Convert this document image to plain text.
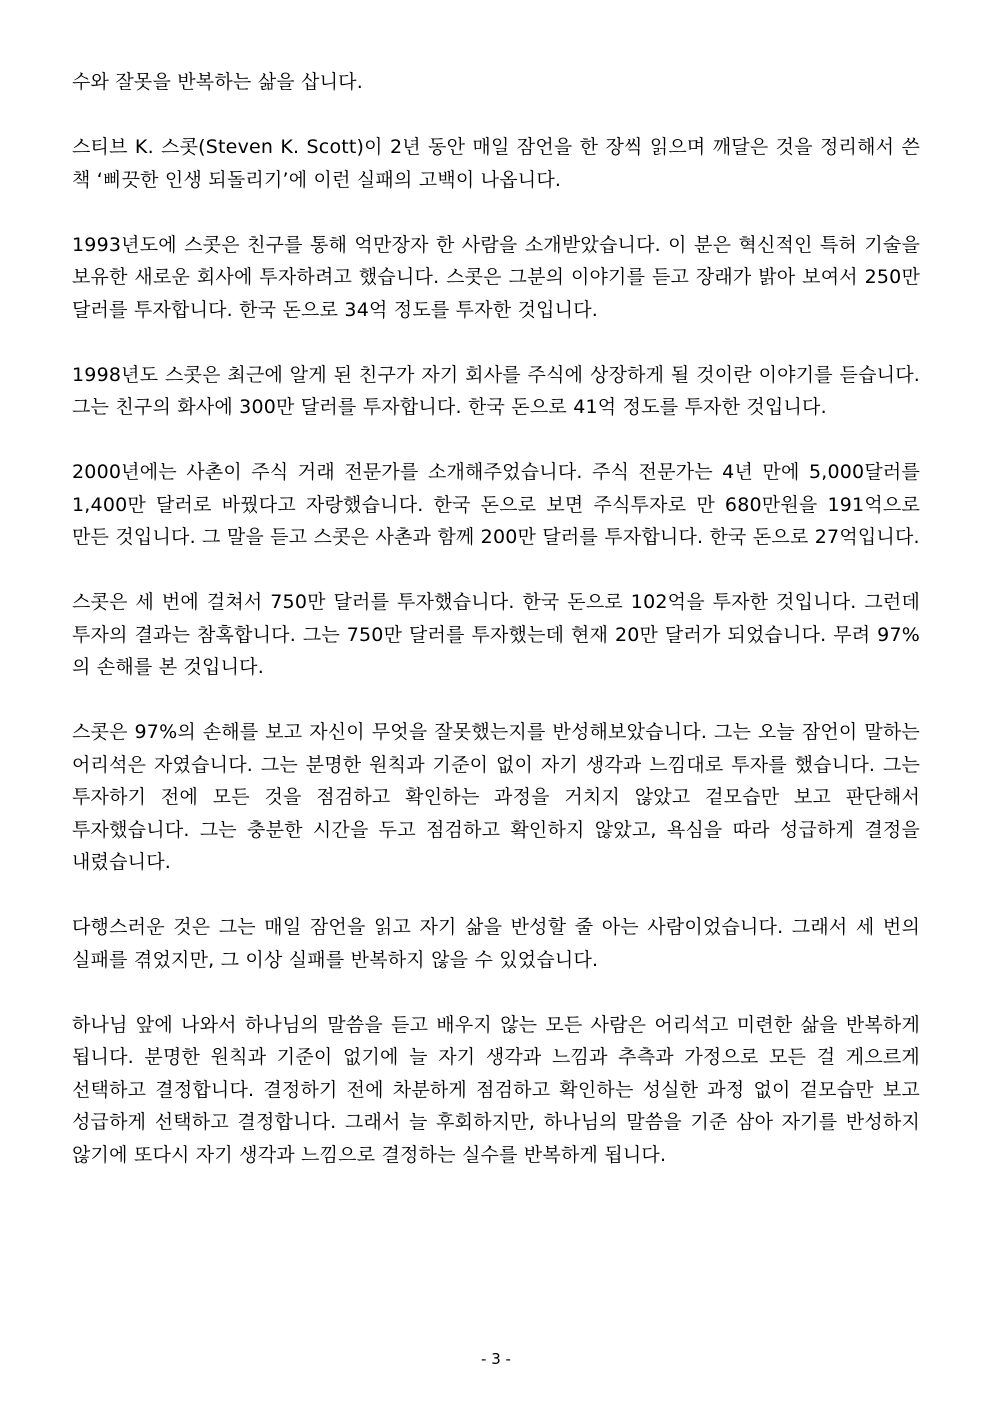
수와 잘못을 반복하는 삶을 삽니다.

스티브 K. 스콧(Steven K. Scott)이 2년 동안 매일 잠언을 한 장씩 읽으며 깨달은 것을 정리해서 쓴 책 ‘삐끗한 인생 되돌리기’에 이런 실패의 고백이 나옵니다.

1993년도에 스콧은 친구를 통해 억만장자 한 사람을 소개받았습니다. 이 분은 혁신적인 특허 기술을 보유한 새로운 회사에 투자하려고 했습니다. 스콧은 그분의 이야기를 듣고 장래가 밝아 보여서 250만 달러를 투자합니다. 한국 돈으로 34억 정도를 투자한 것입니다.

1998년도 스콧은 최근에 알게 된 친구가 자기 회사를 주식에 상장하게 될 것이란 이야기를 듣습니다. 그는 친구의 화사에 300만 달러를 투자합니다. 한국 돈으로 41억 정도를 투자한 것입니다.

2000년에는 사촌이 주식 거래 전문가를 소개해주었습니다. 주식 전문가는 4년 만에 5,000달러를 1,400만 달러로 바꿨다고 자랑했습니다. 한국 돈으로 보면 주식투자로 만 680만원을 191억으로 만든 것입니다. 그 말을 듣고 스콧은 사촌과 함께 200만 달러를 투자합니다. 한국 돈으로 27억입니다.

스콧은 세 번에 걸쳐서 750만 달러를 투자했습니다. 한국 돈으로 102억을 투자한 것입니다. 그런데 투자의 결과는 참혹합니다. 그는 750만 달러를 투자했는데 현재 20만 달러가 되었습니다. 무려 97%의 손해를 본 것입니다.

스콧은 97%의 손해를 보고 자신이 무엇을 잘못했는지를 반성해보았습니다. 그는 오늘 잠언이 말하는 어리석은 자였습니다. 그는 분명한 원칙과 기준이 없이 자기 생각과 느낌대로 투자를 했습니다. 그는 투자하기 전에 모든 것을 점검하고 확인하는 과정을 거치지 않았고 겉모습만 보고 판단해서 투자했습니다. 그는 충분한 시간을 두고 점검하고 확인하지 않았고, 욕심을 따라 성급하게 결정을 내렸습니다.

다행스러운 것은 그는 매일 잠언을 읽고 자기 삶을 반성할 줄 아는 사람이었습니다. 그래서 세 번의 실패를 겪었지만, 그 이상 실패를 반복하지 않을 수 있었습니다.

하나님 앞에 나와서 하나님의 말씀을 듣고 배우지 않는 모든 사람은 어리석고 미련한 삶을 반복하게 됩니다. 분명한 원칙과 기준이 없기에 늘 자기 생각과 느낌과 추측과 가정으로 모든 걸 게으르게 선택하고 결정합니다. 결정하기 전에 차분하게 점검하고 확인하는 성실한 과정 없이 겉모습만 보고 성급하게 선택하고 결정합니다. 그래서 늘 후회하지만, 하나님의 말씀을 기준 삼아 자기를 반성하지 않기에 또다시 자기 생각과 느낌으로 결정하는 실수를 반복하게 됩니다.

- 3 -
